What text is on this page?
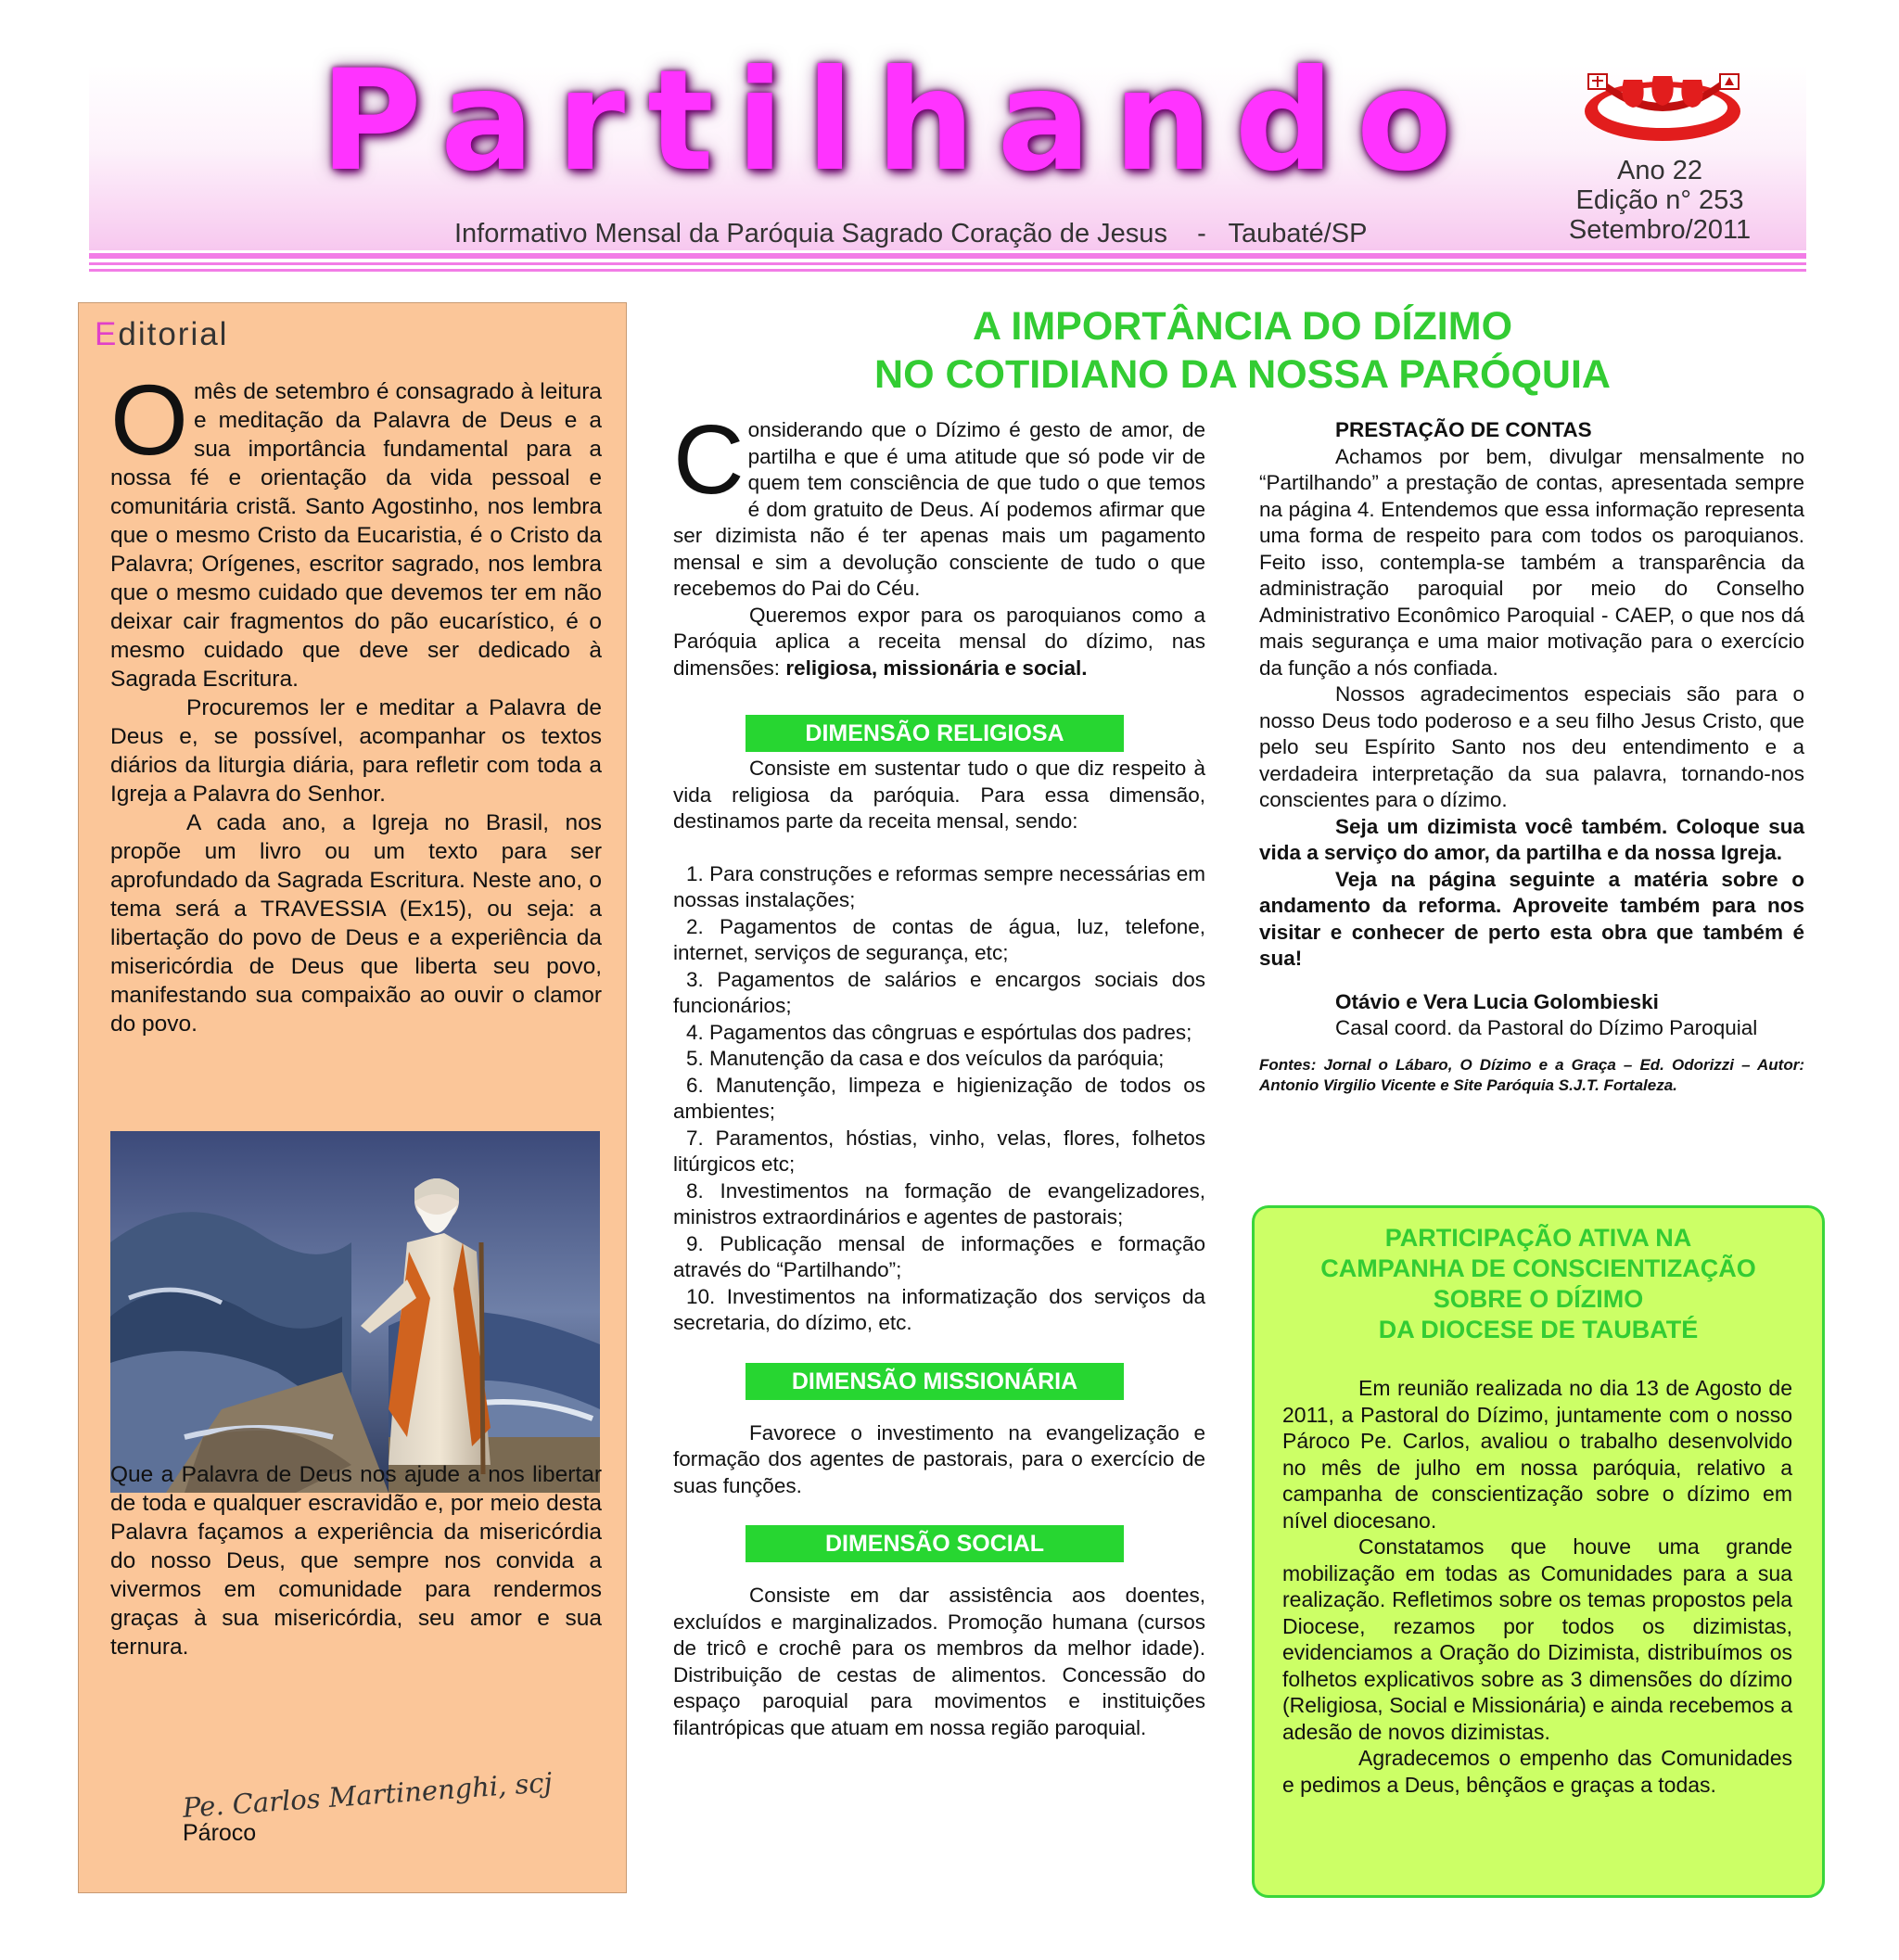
Partilhando
Informativo Mensal da Paróquia Sagrado Coração de Jesus    -   Taubaté/SP
Ano 22
Edição n° 253
Setembro/2011
Editorial

O mês de setembro é consagrado à leitura e meditação da Palavra de Deus e a sua importância fundamental para a nossa fé e orientação da vida pessoal e comunitária cristã. Santo Agostinho, nos lembra que o mesmo Cristo da Eucaristia, é o Cristo da Palavra; Orígenes, escritor sagrado, nos lembra que o mesmo cuidado que devemos ter em não deixar cair fragmentos do pão eucarístico, é o mesmo cuidado que deve ser dedicado à Sagrada Escritura.

Procuremos ler e meditar a Palavra de Deus e, se possível, acompanhar os textos diários da liturgia diária, para refletir com toda a Igreja a Palavra do Senhor.

A cada ano, a Igreja no Brasil, nos propõe um livro ou um texto para ser aprofundado da Sagrada Escritura. Neste ano, o tema será a TRAVESSIA (Ex15), ou seja: a libertação do povo de Deus e a experiência da misericórdia de Deus que liberta seu povo, manifestando sua compaixão ao ouvir o clamor do povo.

Que a Palavra de Deus nos ajude a nos libertar de toda e qualquer escravidão e, por meio desta Palavra façamos a experiência da misericórdia do nosso Deus, que sempre nos convida a vivermos em comunidade para rendermos graças à sua misericórdia, seu amor e sua ternura.

Pe. Carlos Martinenghi, scj
Pároco
A IMPORTÂNCIA DO DÍZIMO
NO COTIDIANO DA NOSSA PARÓQUIA

Considerando que o Dízimo é gesto de amor, de partilha e que é uma atitude que só pode vir de quem tem consciência de que tudo o que temos é dom gratuito de Deus. Aí podemos afirmar que ser dizimista não é ter apenas mais um pagamento mensal e sim a devolução consciente de tudo o que recebemos do Pai do Céu.

Queremos expor para os paroquianos como a Paróquia aplica a receita mensal do dízimo, nas dimensões: religiosa, missionária e social.

DIMENSÃO RELIGIOSA

Consiste em sustentar tudo o que diz respeito à vida religiosa da paróquia. Para essa dimensão, destinamos parte da receita mensal, sendo:

1. Para construções e reformas sempre necessárias em nossas instalações;

2. Pagamentos de contas de água, luz, telefone, internet, serviços de segurança, etc;

3. Pagamentos de salários e encargos sociais dos funcionários;

4. Pagamentos das côngruas e espórtulas dos padres;

5. Manutenção da casa e dos veículos da paróquia;

6. Manutenção, limpeza e higienização de todos os ambientes;

7. Paramentos, hóstias, vinho, velas, flores, folhetos litúrgicos etc;

8. Investimentos na formação de evangelizadores, ministros extraordinários e agentes de pastorais;

9. Publicação mensal de informações e formação através do “Partilhando”;

10. Investimentos na informatização dos serviços da secretaria, do dízimo, etc.

DIMENSÃO MISSIONÁRIA

Favorece o investimento na evangelização e formação dos agentes de pastorais, para o exercício de suas funções.

DIMENSÃO SOCIAL

Consiste em dar assistência aos doentes, excluídos e marginalizados. Promoção humana (cursos de tricô e crochê para os membros da melhor idade). Distribuição de cestas de alimentos. Concessão do espaço paroquial para movimentos e instituições filantrópicas que atuam em nossa região paroquial.

PRESTAÇÃO DE CONTAS

Achamos por bem, divulgar mensalmente no “Partilhando” a prestação de contas, apresentada sempre na página 4. Entendemos que essa informação representa uma forma de respeito para com todos os paroquianos. Feito isso, contempla-se também a transparência da administração paroquial por meio do Conselho Administrativo Econômico Paroquial - CAEP, o que nos dá mais segurança e uma maior motivação para o exercício da função a nós confiada.

Nossos agradecimentos especiais são para o nosso Deus todo poderoso e a seu filho Jesus Cristo, que pelo seu Espírito Santo nos deu entendimento e a verdadeira interpretação da sua palavra, tornando-nos conscientes para o dízimo.

Seja um dizimista você também. Coloque sua vida a serviço do amor, da partilha e da nossa Igreja.

Veja na página seguinte a matéria sobre o andamento da reforma. Aproveite também para nos visitar e conhecer de perto esta obra que também é sua!

Otávio e Vera Lucia Golombieski

Casal coord. da Pastoral do Dízimo Paroquial

Fontes: Jornal o Lábaro, O Dízimo e a Graça – Ed. Odorizzi – Autor: Antonio Virgilio Vicente e Site Paróquia S.J.T. Fortaleza.

PARTICIPAÇÃO ATIVA NA
CAMPANHA DE CONSCIENTIZAÇÃO
SOBRE O DÍZIMO
DA DIOCESE DE TAUBATÉ

Em reunião realizada no dia 13 de Agosto de 2011, a Pastoral do Dízimo, juntamente com o nosso Pároco Pe. Carlos, avaliou o trabalho desenvolvido no mês de julho em nossa paróquia, relativo a campanha de conscientização sobre o dízimo em nível diocesano.

Constatamos que houve uma grande mobilização em todas as Comunidades para a sua realização. Refletimos sobre os temas propostos pela Diocese, rezamos por todos os dizimistas, evidenciamos a Oração do Dizimista, distribuímos os folhetos explicativos sobre as 3 dimensões do dízimo (Religiosa, Social e Missionária) e ainda recebemos a adesão de novos dizimistas.

Agradecemos o empenho das Comunidades e pedimos a Deus, bênçãos e graças a todas.
